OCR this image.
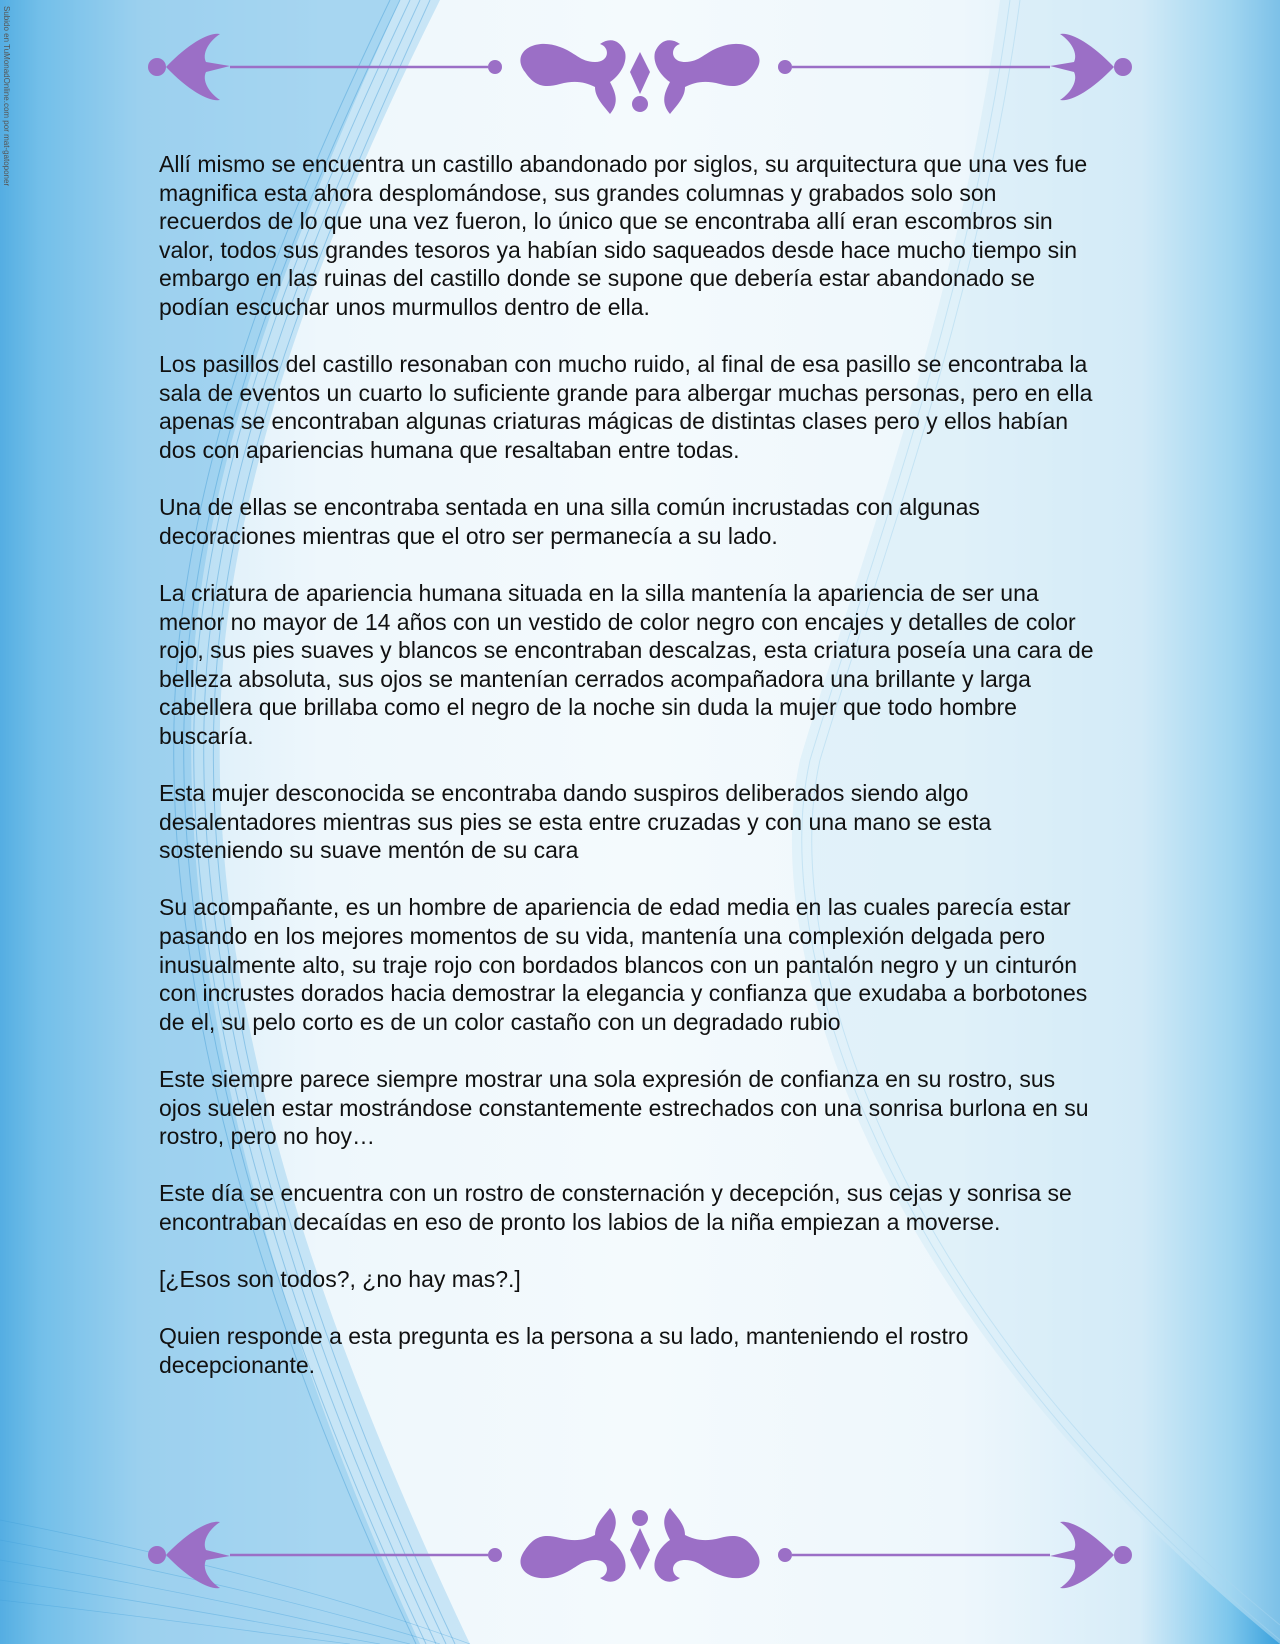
Subido en TuMonadOnline.com por mat-gatoponer	Allí mismo se encuentra un castillo abandonado por siglos, su arquitectura que una ves fue magnifica esta ahora desplomándose, sus grandes columnas y grabados solo son recuerdos de lo que una vez fueron, lo único que se encontraba allí eran escombros sin valor, todos sus grandes tesoros ya habían sido saqueados desde hace mucho tiempo sin embargo en las ruinas del castillo donde se supone que debería estar abandonado se podían escuchar unos murmullos dentro de ella.

Los pasillos del castillo resonaban con mucho ruido, al final de esa pasillo se encontraba la sala de eventos un cuarto lo suficiente grande para albergar muchas personas, pero en ella apenas se encontraban algunas criaturas mágicas de distintas clases pero y ellos habían dos con apariencias humana que resaltaban entre todas.

Una de ellas se encontraba sentada en una silla común incrustadas con algunas decoraciones mientras que el otro ser permanecía a su lado.

La criatura de apariencia humana situada en la silla mantenía la apariencia de ser una menor no mayor de 14 años con un vestido de color negro con encajes y detalles de color rojo, sus pies suaves y blancos se encontraban descalzas, esta criatura poseía una cara de belleza absoluta, sus ojos se mantenían cerrados acompañadora una brillante y larga cabellera que brillaba como el negro de la noche sin duda la mujer que todo hombre buscaría.

Esta mujer desconocida se encontraba dando suspiros deliberados siendo algo desalentadores mientras sus pies se esta entre cruzadas y con una mano se esta sosteniendo su suave mentón de su cara

Su acompañante, es un hombre de apariencia de edad media en las cuales parecía estar pasando en los mejores momentos de su vida, mantenía una complexión delgada pero inusualmente alto, su traje rojo con bordados blancos con un pantalón negro y un cinturón con incrustes dorados hacia demostrar la elegancia y confianza que exudaba a borbotones de el, su pelo corto es de un color castaño con un degradado rubio

Este siempre parece siempre mostrar una sola expresión de confianza en su rostro, sus ojos suelen estar mostrándose constantemente estrechados con una sonrisa burlona en su rostro, pero no hoy…

Este día se encuentra con un rostro de consternación y decepción, sus cejas y sonrisa se encontraban decaídas en eso de pronto los labios de la niña empiezan a moverse.

[¿Esos son todos?, ¿no hay mas?.]

Quien responde a esta pregunta es la persona a su lado, manteniendo el rostro decepcionante.
